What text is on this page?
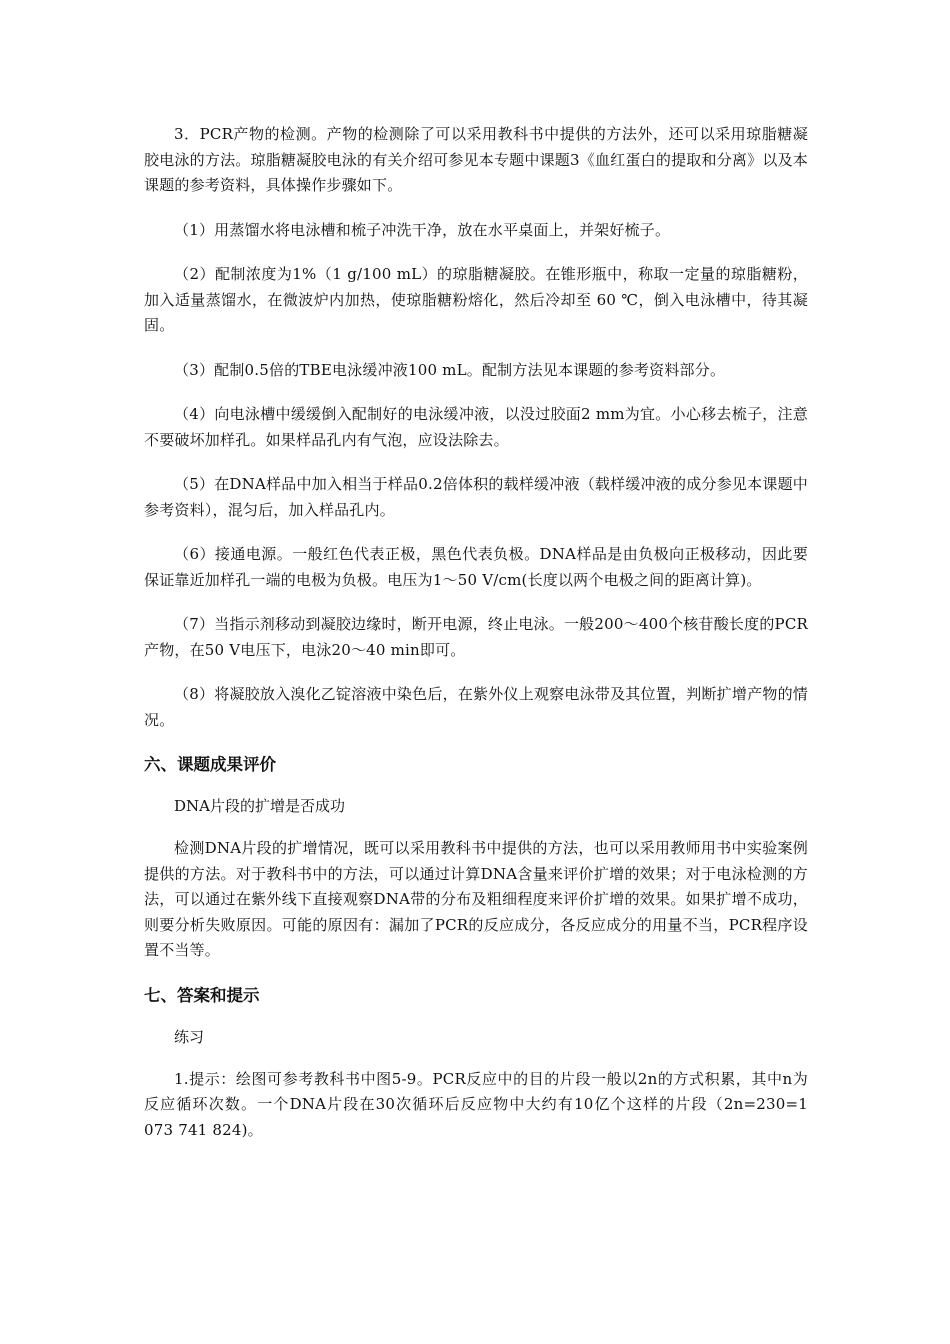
3．PCR产物的检测。产物的检测除了可以采用教科书中提供的方法外，还可以采用琼脂糖凝胶电泳的方法。琼脂糖凝胶电泳的有关介绍可参见本专题中课题3《血红蛋白的提取和分离》以及本课题的参考资料，具体操作步骤如下。

（1）用蒸馏水将电泳槽和梳子冲洗干净，放在水平桌面上，并架好梳子。

（2）配制浓度为1%（1 g/100 mL）的琼脂糖凝胶。在锥形瓶中，称取一定量的琼脂糖粉，加入适量蒸馏水，在微波炉内加热，使琼脂糖粉熔化，然后冷却至 60 ℃，倒入电泳槽中，待其凝固。

（3）配制0.5倍的TBE电泳缓冲液100 mL。配制方法见本课题的参考资料部分。

（4）向电泳槽中缓缓倒入配制好的电泳缓冲液，以没过胶面2 mm为宜。小心移去梳子，注意不要破坏加样孔。如果样品孔内有气泡，应设法除去。

（5）在DNA样品中加入相当于样品0.2倍体积的载样缓冲液（载样缓冲液的成分参见本课题中参考资料），混匀后，加入样品孔内。

（6）接通电源。一般红色代表正极，黑色代表负极。DNA样品是由负极向正极移动，因此要保证靠近加样孔一端的电极为负极。电压为1～50 V/cm(长度以两个电极之间的距离计算)。

（7）当指示剂移动到凝胶边缘时，断开电源，终止电泳。一般200～400个核苷酸长度的PCR产物，在50 V电压下，电泳20～40 min即可。

（8）将凝胶放入溴化乙锭溶液中染色后，在紫外仪上观察电泳带及其位置，判断扩增产物的情况。

六、课题成果评价

DNA片段的扩增是否成功

检测DNA片段的扩增情况，既可以采用教科书中提供的方法，也可以采用教师用书中实验案例提供的方法。对于教科书中的方法，可以通过计算DNA含量来评价扩增的效果；对于电泳检测的方法，可以通过在紫外线下直接观察DNA带的分布及粗细程度来评价扩增的效果。如果扩增不成功，则要分析失败原因。可能的原因有：漏加了PCR的反应成分，各反应成分的用量不当，PCR程序设置不当等。

七、答案和提示

练习

1.提示：绘图可参考教科书中图5-9。PCR反应中的目的片段一般以2n的方式积累，其中n为反应循环次数。一个DNA片段在30次循环后反应物中大约有10亿个这样的片段（2n=230=1 073 741 824)。
